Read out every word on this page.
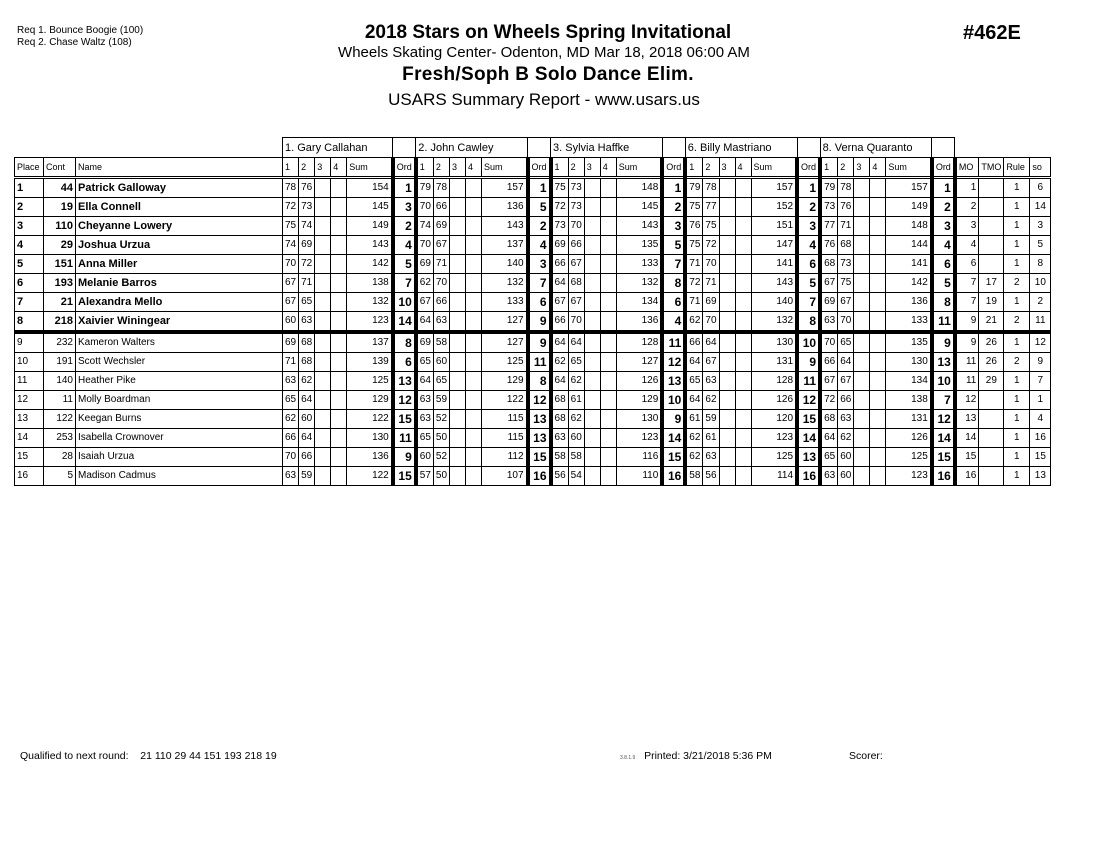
Req 1. Bounce Boogie (100)
Req 2. Chase Waltz (108)	2018 Stars on Wheels Spring Invitational
Wheels Skating Center- Odenton, MD Mar 18, 2018 06:00 AM
Fresh/Soph B Solo Dance Elim.
USARS Summary Report - www.usars.us
#462E
			1. Gary Callahan						2. John Cawley						3. Sylvia Haffke						6. Billy Mastriano						8. Verna Quaranto									
Place	Cont	Name	1	2	3	4	Sum	Ord	1	2	3	4	Sum	Ord	1	2	3	4	Sum	Ord	1	2	3	4	Sum	Ord	1	2	3	4	Sum	Ord	MO	TMO	Rule	so
1	44	Patrick Galloway	78	76			154	1	79	78			157	1	75	73			148	1	79	78			157	1	79	78			157	1	1		1	6
2	19	Ella Connell	72	73			145	3	70	66			136	5	72	73			145	2	75	77			152	2	73	76			149	2	2		1	14
3	110	Cheyanne Lowery	75	74			149	2	74	69			143	2	73	70			143	3	76	75			151	3	77	71			148	3	3		1	3
4	29	Joshua Urzua	74	69			143	4	70	67			137	4	69	66			135	5	75	72			147	4	76	68			144	4	4		1	5
5	151	Anna Miller	70	72			142	5	69	71			140	3	66	67			133	7	71	70			141	6	68	73			141	6	6		1	8
6	193	Melanie Barros	67	71			138	7	62	70			132	7	64	68			132	8	72	71			143	5	67	75			142	5	7	17	2	10
7	21	Alexandra Mello	67	65			132	10	67	66			133	6	67	67			134	6	71	69			140	7	69	67			136	8	7	19	1	2
8	218	Xaivier Winingear	60	63			123	14	64	63			127	9	66	70			136	4	62	70			132	8	63	70			133	11	9	21	2	11
9	232	Kameron Walters	69	68			137	8	69	58			127	9	64	64			128	11	66	64			130	10	70	65			135	9	9	26	1	12
10	191	Scott Wechsler	71	68			139	6	65	60			125	11	62	65			127	12	64	67			131	9	66	64			130	13	11	26	2	9
11	140	Heather Pike	63	62			125	13	64	65			129	8	64	62			126	13	65	63			128	11	67	67			134	10	11	29	1	7
12	11	Molly Boardman	65	64			129	12	63	59			122	12	68	61			129	10	64	62			126	12	72	66			138	7	12		1	1
13	122	Keegan Burns	62	60			122	15	63	52			115	13	68	62			130	9	61	59			120	15	68	63			131	12	13		1	4
14	253	Isabella Crownover	66	64			130	11	65	50			115	13	63	60			123	14	62	61			123	14	64	62			126	14	14		1	16
15	28	Isaiah Urzua	70	66			136	9	60	52			112	15	58	58			116	15	62	63			125	13	65	60			125	15	15		1	15
16	5	Madison Cadmus	63	59			122	15	57	50			107	16	56	54			110	16	58	56			114	16	63	60			123	16	16		1	13
Qualified to next round: 21 110 29 44 151 193 218 19	3.8.1.9 Printed: 3/21/2018 5:36 PM	Scorer:
